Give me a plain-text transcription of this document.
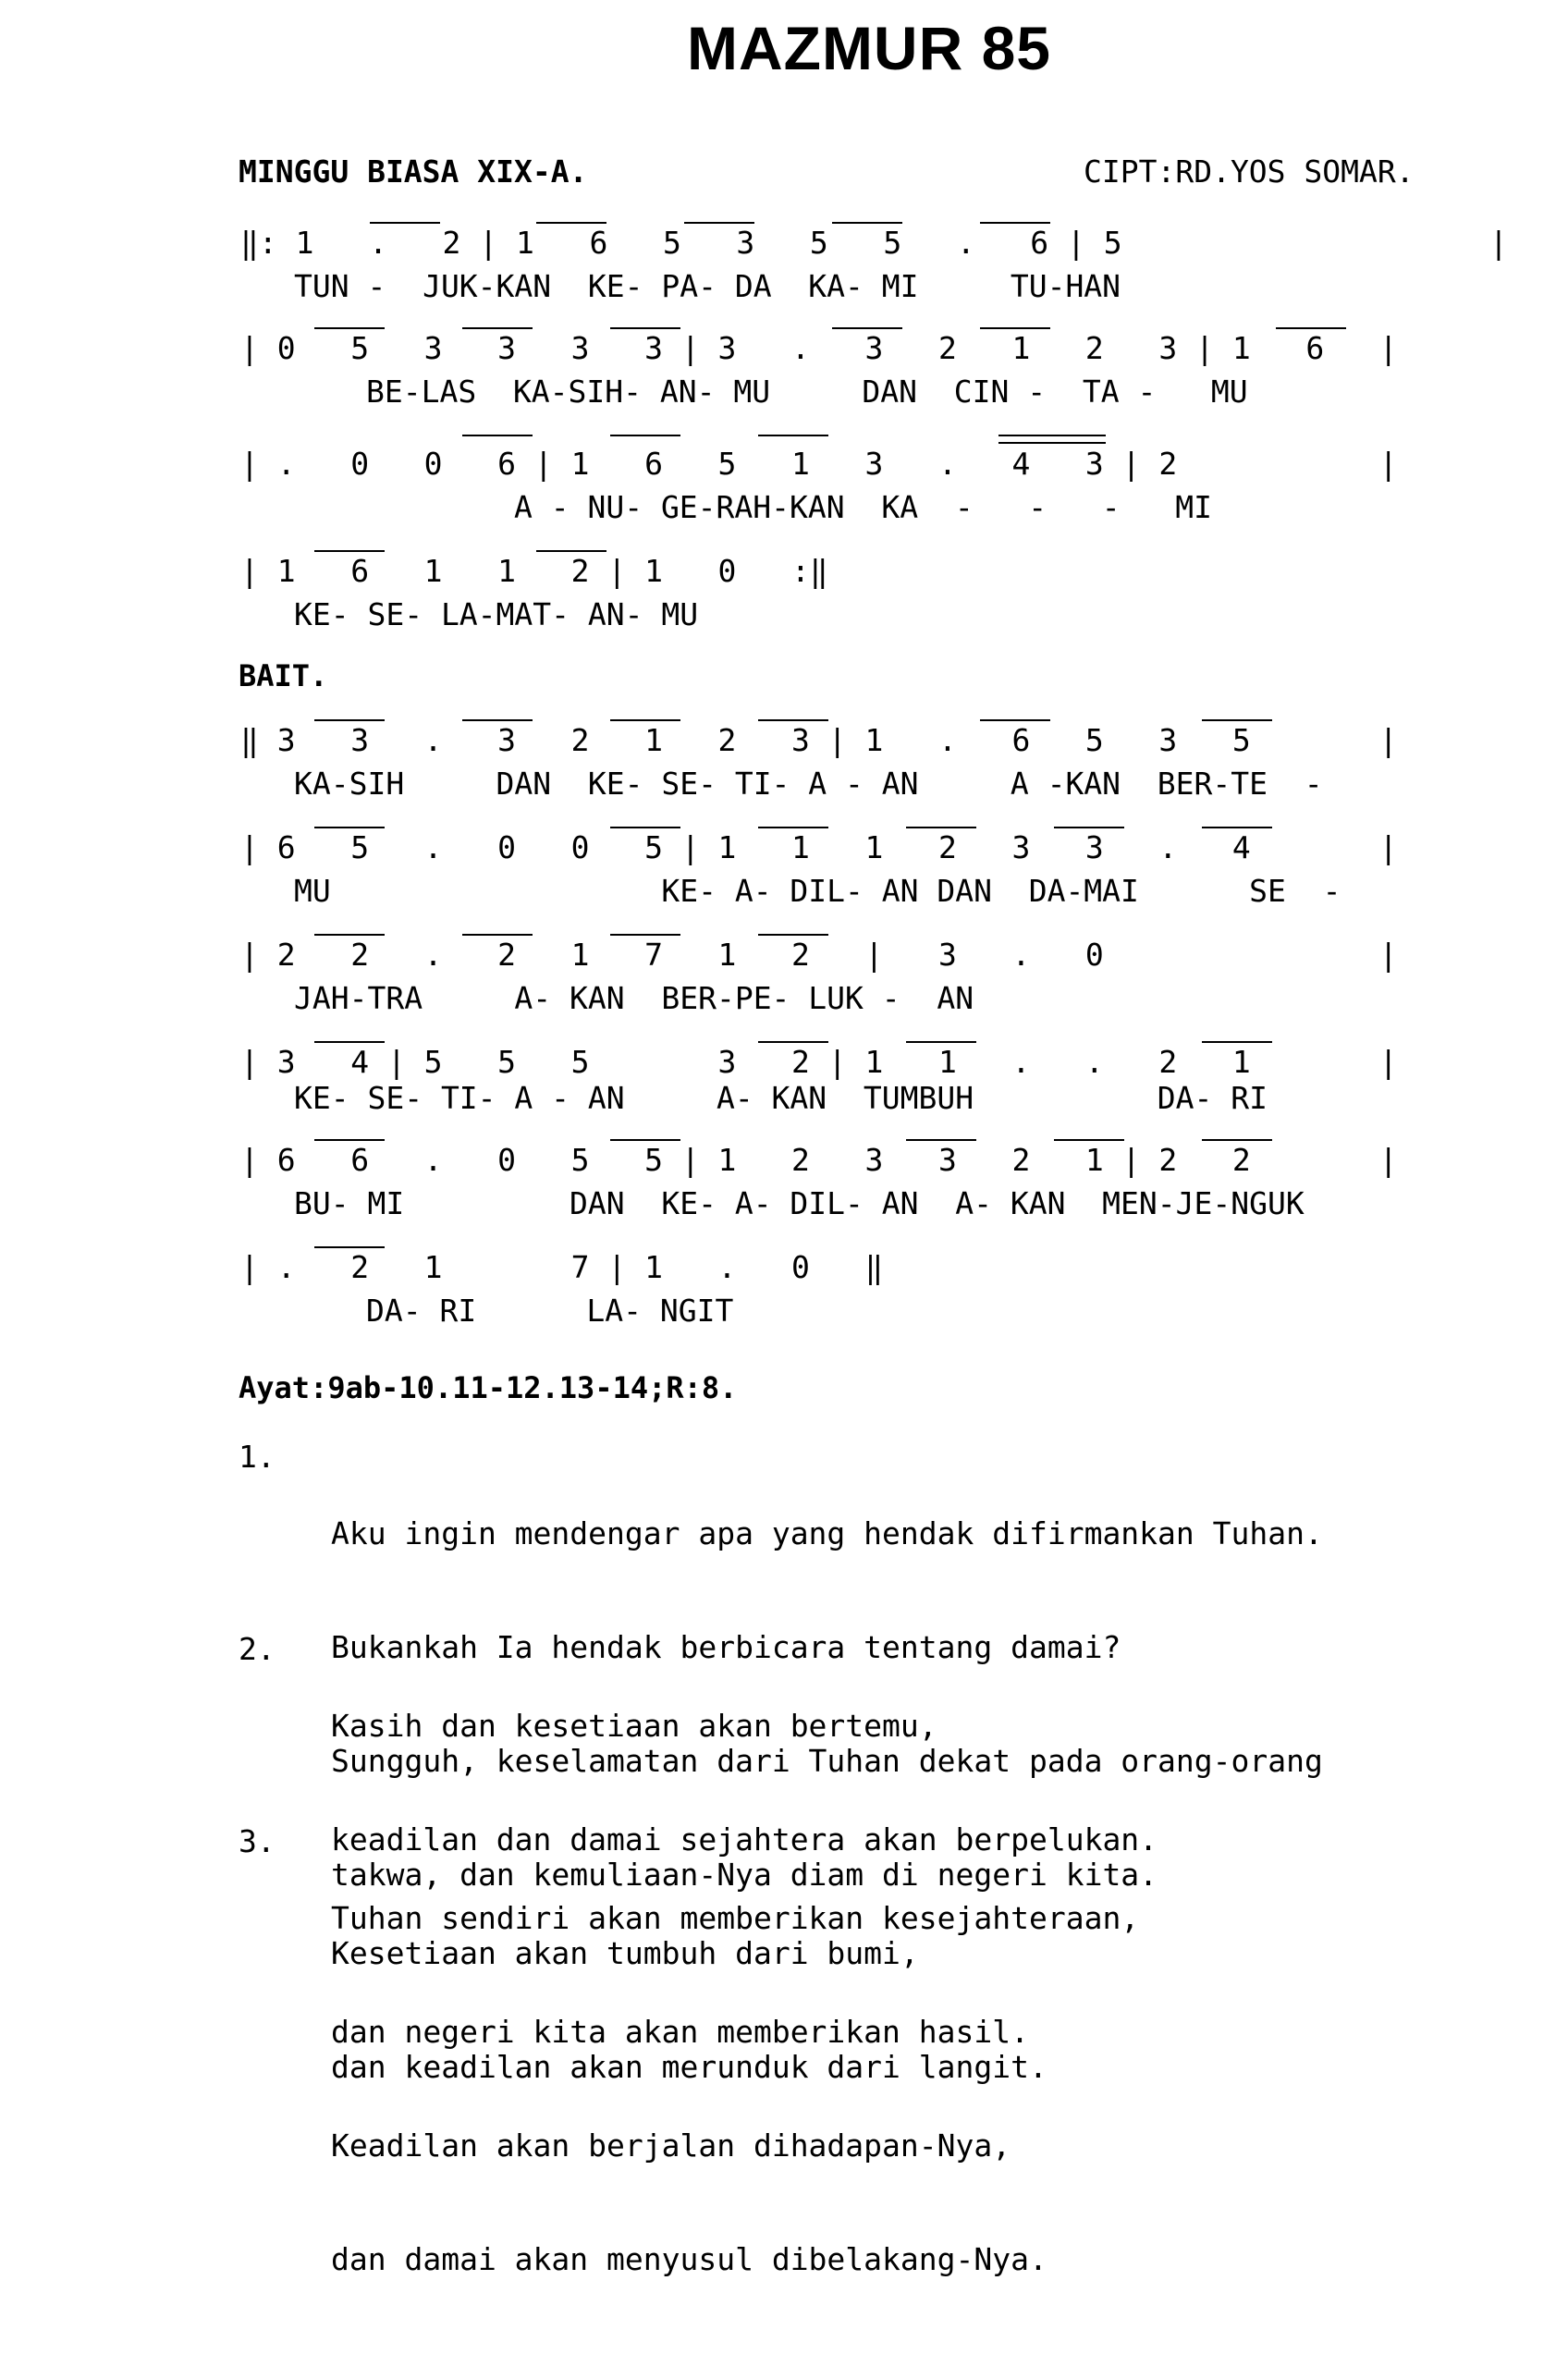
MAZMUR 85
MINGGU BIASA XIX-A.	CIPT:RD.YOS SOMAR.
‖: 1   .   2 | 1   6   5   3   5   5   .   6 | 5                    |
TUN -  JUK-KAN  KE- PA- DA  KA- MI     TU-HAN
| 0   5   3   3   3   3 | 3   .   3   2   1   2   3 | 1   6   |
BE-LAS  KA-SIH- AN- MU     DAN  CIN -  TA -   MU
| .   0   0   6 | 1   6   5   1   3   .   4   3 | 2           |
A - NU- GE-RAH-KAN  KA  -   -   -   MI
| 1   6   1   1   2 | 1   0   :‖
KE- SE- LA-MAT- AN- MU
BAIT.
‖ 3   3   .   3   2   1   2   3 | 1   .   6   5   3   5       |
KA-SIH     DAN  KE- SE- TI- A - AN     A -KAN  BER-TE  -
| 6   5   .   0   0   5 | 1   1   1   2   3   3   .   4       |
MU                  KE- A- DIL- AN DAN  DA-MAI      SE  -
| 2   2   .   2   1   7   1   2   |   3   .   0               |
JAH-TRA     A- KAN  BER-PE- LUK -  AN
| 3   4 | 5   5   5       3   2 | 1   1   .   .   2   1       |
KE- SE- TI- A - AN     A- KAN  TUMBUH          DA- RI
| 6   6   .   0   5   5 | 1   2   3   3   2   1 | 2   2       |
BU- MI         DAN  KE- A- DIL- AN  A- KAN  MEN-JE-NGUK
| .   2   1       7 | 1   .   0   ‖
DA- RI      LA- NGIT
Ayat:9ab-10.11-12.13-14;R:8.
1.

Aku ingin mendengar apa yang hendak difirmankan Tuhan.

Bukankah Ia hendak berbicara tentang damai?

Sungguh, keselamatan dari Tuhan dekat pada orang-orang

takwa, dan kemuliaan-Nya diam di negeri kita.

2.

Kasih dan kesetiaan akan bertemu,

keadilan dan damai sejahtera akan berpelukan.

Kesetiaan akan tumbuh dari bumi,

dan keadilan akan merunduk dari langit.

3.

Tuhan sendiri akan memberikan kesejahteraan,

dan negeri kita akan memberikan hasil.

Keadilan akan berjalan dihadapan-Nya,

dan damai akan menyusul dibelakang-Nya.
